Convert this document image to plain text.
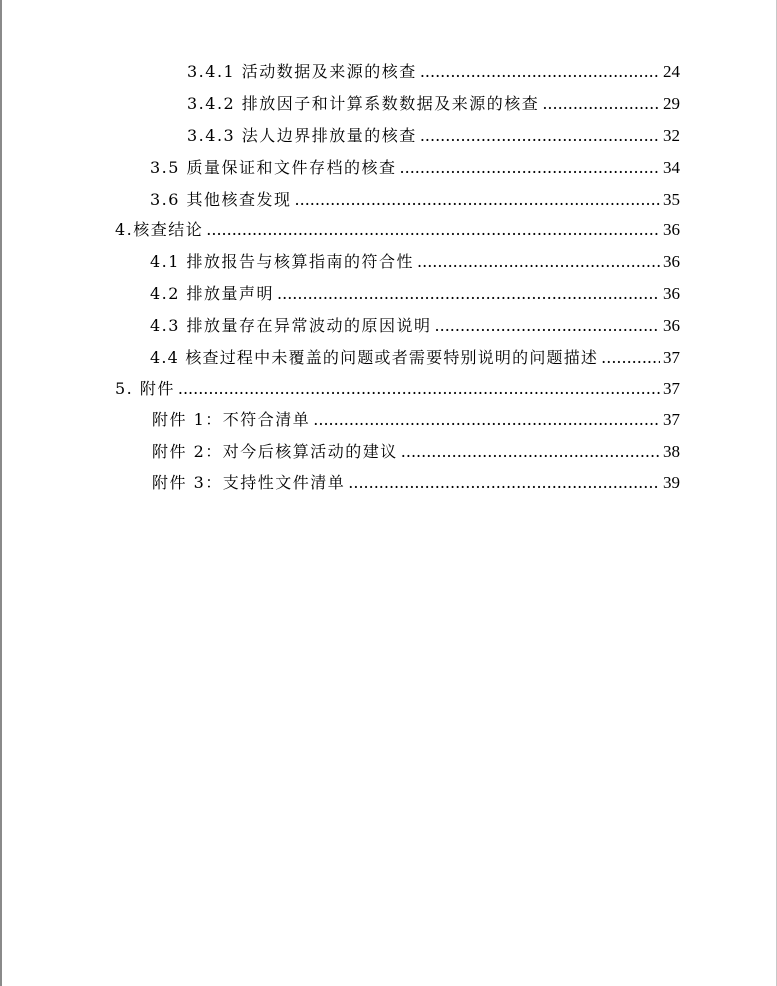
3.4.1 活动数据及来源的核查 .....	24
3.4.2 排放因子和计算系数数据及来源的核查 .....	29
3.4.3 法人边界排放量的核查 .....	32
3.5 质量保证和文件存档的核查 .....	34
3.6 其他核查发现 .....	35
4.核查结论 .....	36
4.1 排放报告与核算指南的符合性 .....	36
4.2 排放量声明 .....	36
4.3 排放量存在异常波动的原因说明 .....	36
4.4 核查过程中未覆盖的问题或者需要特别说明的问题描述 .....	37
5. 附件 .....	37
附件 1：不符合清单 .....	37
附件 2：对今后核算活动的建议 .....	38
附件 3：支持性文件清单 .....	39
